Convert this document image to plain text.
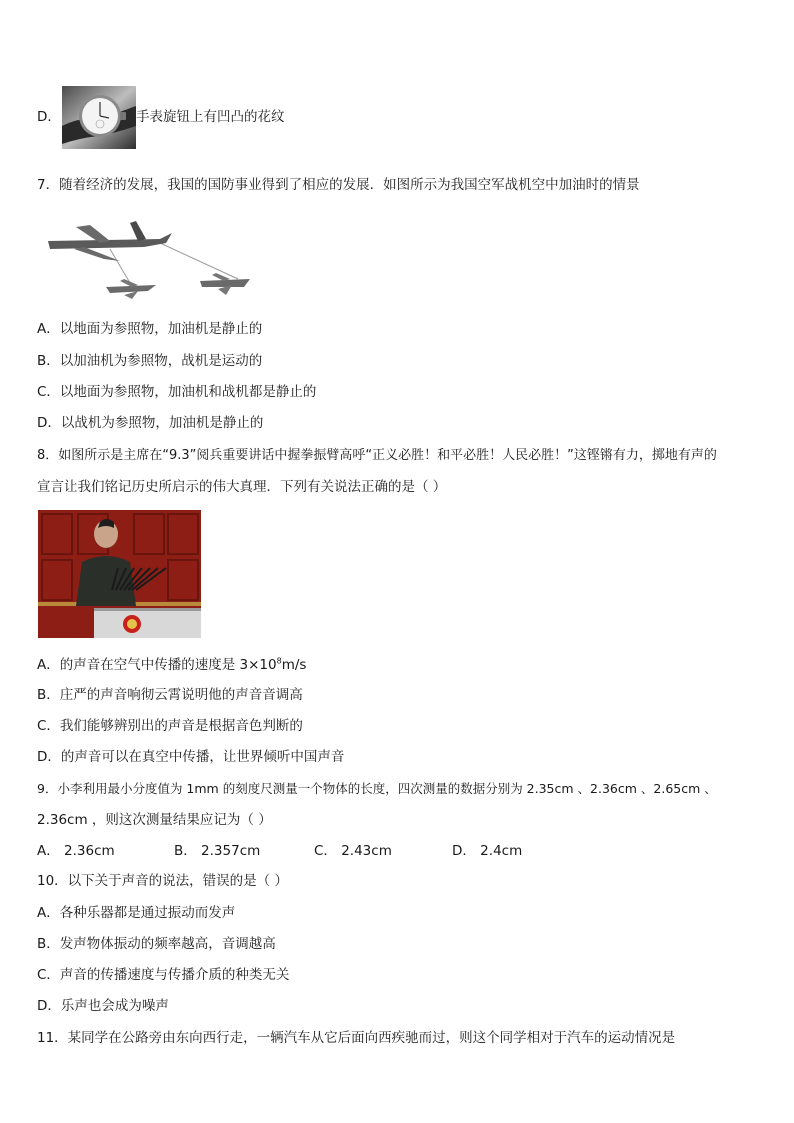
D．	手表旋钮上有凹凸的花纹
7．随着经济的发展，我国的国防事业得到了相应的发展．如图所示为我国空军战机空中加油时的情景
A．以地面为参照物，加油机是静止的
B．以加油机为参照物，战机是运动的
C．以地面为参照物，加油机和战机都是静止的
D．以战机为参照物，加油机是静止的
8．如图所示是主席在“9.3”阅兵重要讲话中握拳振臂高呼“正义必胜！和平必胜！人民必胜！”这铿锵有力，掷地有声的
宣言让我们铭记历史所启示的伟大真理．下列有关说法正确的是（ ）
A．的声音在空气中传播的速度是 $3\times 10^8m/s$
B．庄严的声音响彻云霄说明他的声音音调高
C．我们能够辨别出的声音是根据音色判断的
D．的声音可以在真空中传播，让世界倾听中国声音
9．小李利用最小分度值为 1mm 的刻度尺测量一个物体的长度，四次测量的数据分别为 2.35cm 、2.36cm 、2.65cm 、
2.36cm ，则这次测量结果应记为（ ）
A． 2.36cm	B． 2.357cm	C． 2.43cm	D． 2.4cm
10．以下关于声音的说法，错误的是（ ）
A．各种乐器都是通过振动而发声
B．发声物体振动的频率越高，音调越高
C．声音的传播速度与传播介质的种类无关
D．乐声也会成为噪声
11．某同学在公路旁由东向西行走，一辆汽车从它后面向西疾驰而过，则这个同学相对于汽车的运动情况是
